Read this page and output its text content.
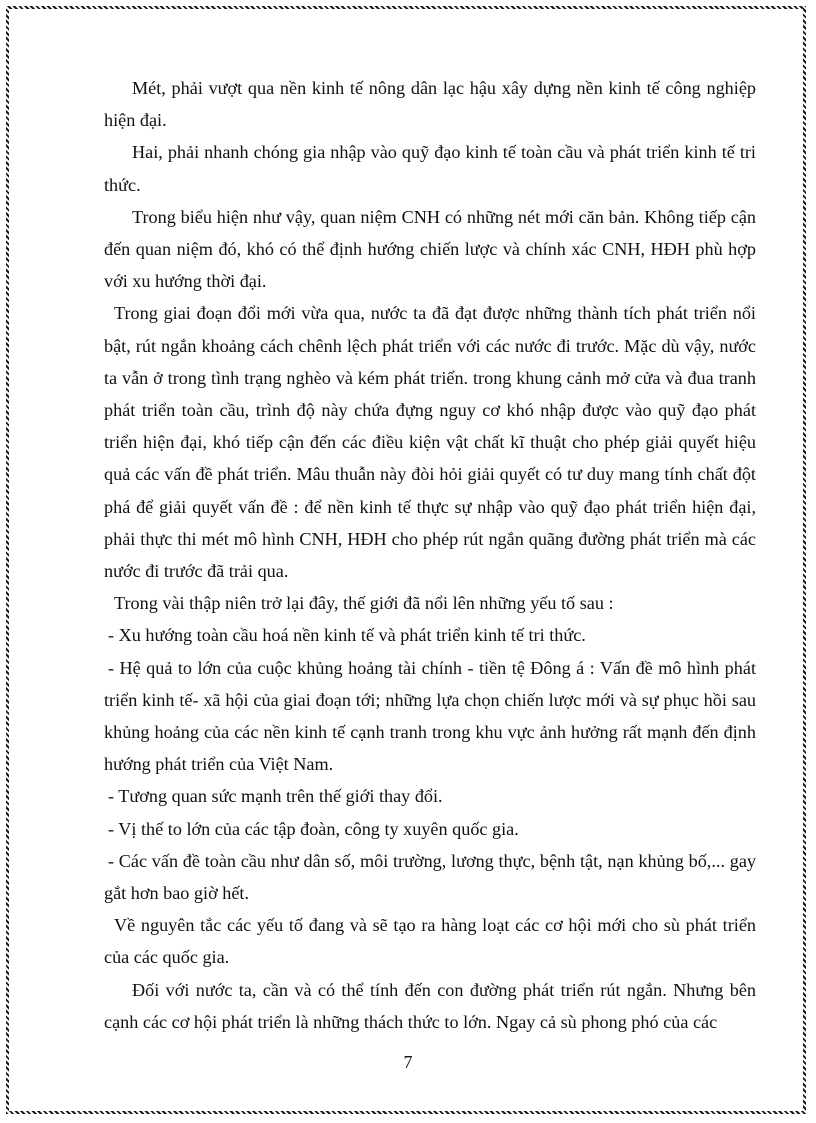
Mét, phải vượt qua nền kinh tế nông dân lạc hậu xây dựng nền kinh tế công nghiệp hiện đại.

Hai, phải nhanh chóng gia nhập vào quỹ đạo kinh tế toàn cầu và phát triển kinh tế tri thức.

Trong biểu hiện như vậy, quan niệm CNH có những nét mới căn bản. Không tiếp cận đến quan niệm đó, khó có thể định hướng chiến lược và chính xác CNH, HĐH phù hợp với xu hướng thời đại.

Trong giai đoạn đổi mới vừa qua, nước ta đã đạt được những thành tích phát triển nổi bật, rút ngắn khoảng cách chênh lệch phát triển với các nước đi trước. Mặc dù vậy, nước ta vẫn ở trong tình trạng nghèo và kém phát triển. trong khung cảnh mở cửa và đua tranh phát triển toàn cầu, trình độ này chứa đựng nguy cơ khó nhập được vào quỹ đạo phát triển hiện đại, khó tiếp cận đến các điều kiện vật chất kĩ thuật cho phép giải quyết hiệu quả các vấn đề phát triển. Mâu thuẫn này đòi hỏi giải quyết có tư duy mang tính chất đột phá để giải quyết vấn đề : để nền kinh tế thực sự nhập vào quỹ đạo phát triển hiện đại, phải thực thi mét mô hình CNH, HĐH cho phép rút ngắn quãng đường phát triển mà các nước đi trước đã trải qua.

Trong vài thập niên trở lại đây, thế giới đã nổi lên những yếu tố sau :

- Xu hướng toàn cầu hoá nền kinh tế và phát triển kinh tế tri thức.

- Hệ quả to lớn của cuộc khủng hoảng tài chính - tiền tệ Đông á : Vấn đề mô hình phát triển kinh tế- xã hội của giai đoạn tới; những lựa chọn chiến lược mới và sự phục hồi sau khủng hoảng của các nền kinh tế cạnh tranh trong khu vực ảnh hưởng rất mạnh đến định hướng phát triển của Việt Nam.

- Tương quan sức mạnh trên thế giới thay đổi.

- Vị thế to lớn của các tập đoàn, công ty xuyên quốc gia.

- Các vấn đề toàn cầu như dân số, môi trường, lương thực, bệnh tật, nạn khủng bố,... gay gắt hơn bao giờ hết.

Về nguyên tắc các yếu tố đang và sẽ tạo ra hàng loạt các cơ hội mới cho sù phát triển của các quốc gia.

Đối với nước ta, cần và có thể tính đến con đường phát triển rút ngắn. Nhưng bên cạnh các cơ hội phát triển là những thách thức to lớn. Ngay cả sù phong phó của các

7
